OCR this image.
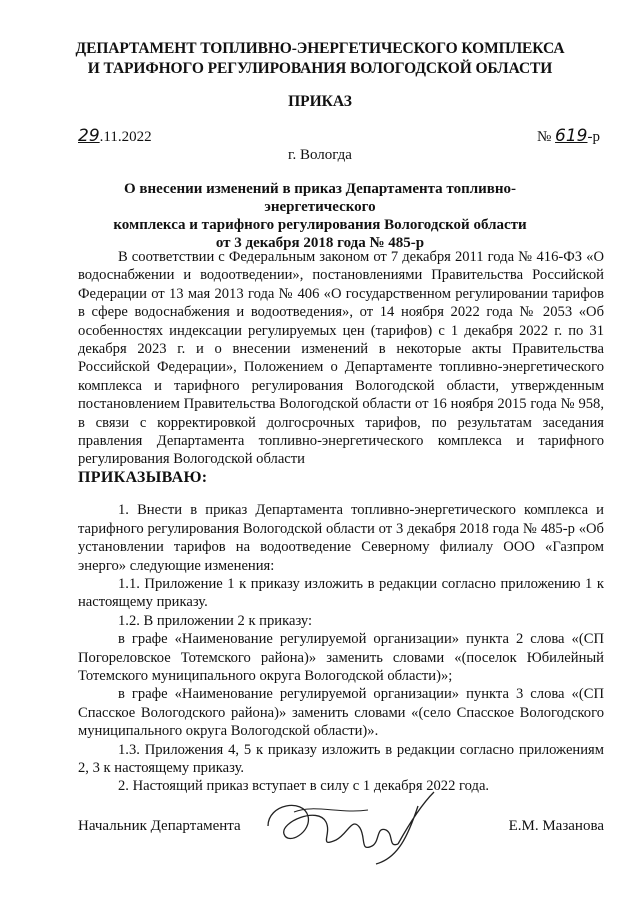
ДЕПАРТАМЕНТ ТОПЛИВНО-ЭНЕРГЕТИЧЕСКОГО КОМПЛЕКСА
И ТАРИФНОГО РЕГУЛИРОВАНИЯ ВОЛОГОДСКОЙ ОБЛАСТИ
ПРИКАЗ
29.11.2022	№ 619-р
г. Вологда
О внесении изменений в приказ Департамента топливно-энергетического
комплекса и тарифного регулирования Вологодской области
от 3 декабря 2018 года № 485-р

В соответствии с Федеральным законом от 7 декабря 2011 года № 416-ФЗ «О водоснабжении и водоотведении», постановлениями Правительства Российской Федерации от 13 мая 2013 года № 406 «О государственном регулировании тарифов в сфере водоснабжения и водоотведения», от 14 ноября 2022 года № 2053 «Об особенностях индексации регулируемых цен (тарифов) с 1 декабря 2022 г. по 31 декабря 2023 г. и о внесении изменений в некоторые акты Правительства Российской Федерации», Положением о Департаменте топливно-энергетического комплекса и тарифного регулирования Вологодской области, утвержденным постановлением Правительства Вологодской области от 16 ноября 2015 года № 958, в связи с корректировкой долгосрочных тарифов, по результатам заседания правления Департамента топливно-энергетического комплекса и тарифного регулирования Вологодской области

ПРИКАЗЫВАЮ:

1. Внести в приказ Департамента топливно-энергетического комплекса и тарифного регулирования Вологодской области от 3 декабря 2018 года № 485-р «Об установлении тарифов на водоотведение Северному филиалу ООО «Газпром энерго» следующие изменения:

1.1. Приложение 1 к приказу изложить в редакции согласно приложению 1 к настоящему приказу.

1.2. В приложении 2 к приказу:

в графе «Наименование регулируемой организации» пункта 2 слова «(СП Погореловское Тотемского района)» заменить словами «(поселок Юбилейный Тотемского муниципального округа Вологодской области)»;

в графе «Наименование регулируемой организации» пункта 3 слова «(СП Спасское Вологодского района)» заменить словами «(село Спасское Вологодского муниципального округа Вологодской области)».

1.3. Приложения 4, 5 к приказу изложить в редакции согласно приложениям 2, 3 к настоящему приказу.

2. Настоящий приказ вступает в силу с 1 декабря 2022 года.

Начальник Департамента	Е.М. Мазанова
